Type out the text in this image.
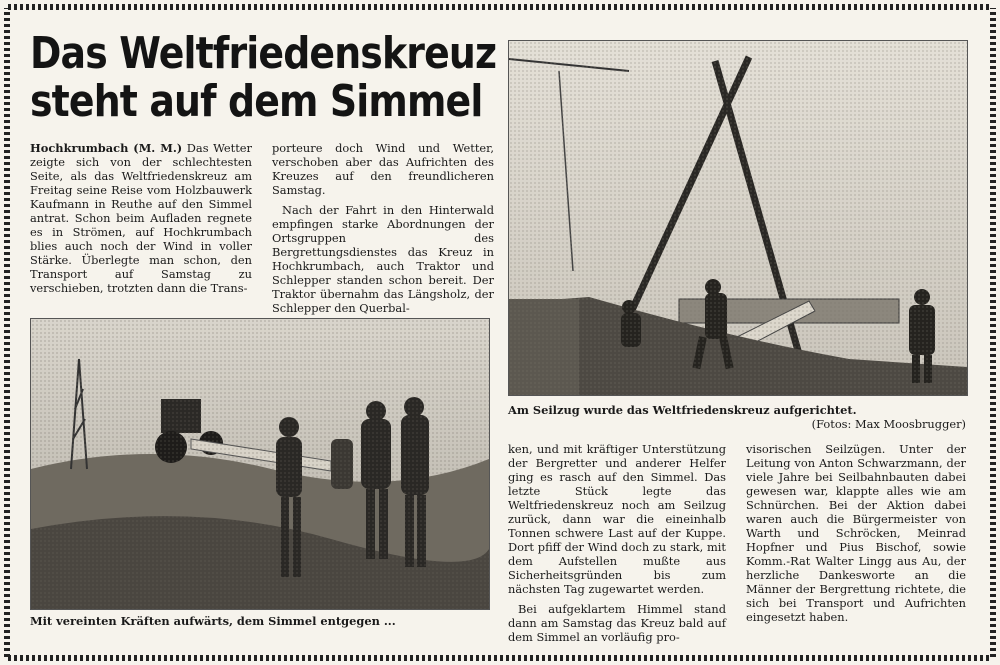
Das Weltfriedenskreuz
steht auf dem Simmel

Hochkrumbach (M. M.) Das Wetter zeigte sich von der schlechtesten Seite, als das Weltfriedenskreuz am Freitag seine Reise vom Holzbauwerk Kaufmann in Reuthe auf den Simmel antrat. Schon beim Aufladen regnete es in Strömen, auf Hochkrumbach blies auch noch der Wind in voller Stärke. Überlegte man schon, den Transport auf Samstag zu verschieben, trotzten dann die Trans-

porteure doch Wind und Wetter, verschoben aber das Aufrichten des Kreuzes auf den freundlicheren Samstag.

Nach der Fahrt in den Hinterwald empfingen starke Abordnungen der Ortsgruppen des Bergrettungsdienstes das Kreuz in Hochkrumbach, auch Traktor und Schlepper standen schon bereit. Der Traktor übernahm das Längsholz, der Schlepper den Querbal-

Mit vereinten Kräften aufwärts, dem Simmel entgegen ...
Am Seilzug wurde das Weltfriedenskreuz aufgerichtet.
(Fotos: Max Moosbrugger)

ken, und mit kräftiger Unterstützung der Bergretter und anderer Helfer ging es rasch auf den Simmel. Das letzte Stück legte das Weltfriedenskreuz noch am Seilzug zurück, dann war die eineinhalb Tonnen schwere Last auf der Kuppe. Dort pfiff der Wind doch zu stark, mit dem Aufstellen mußte aus Sicherheitsgründen bis zum nächsten Tag zugewartet werden.

Bei aufgeklartem Himmel stand dann am Samstag das Kreuz bald auf dem Simmel an vorläufig pro-

visorischen Seilzügen. Unter der Leitung von Anton Schwarzmann, der viele Jahre bei Seilbahnbauten dabei gewesen war, klappte alles wie am Schnürchen. Bei der Aktion dabei waren auch die Bürgermeister von Warth und Schröcken, Meinrad Hopfner und Pius Bischof, sowie Komm.-Rat Walter Lingg aus Au, der herzliche Dankesworte an die Männer der Bergrettung richtete, die sich bei Transport und Aufrichten eingesetzt haben.
